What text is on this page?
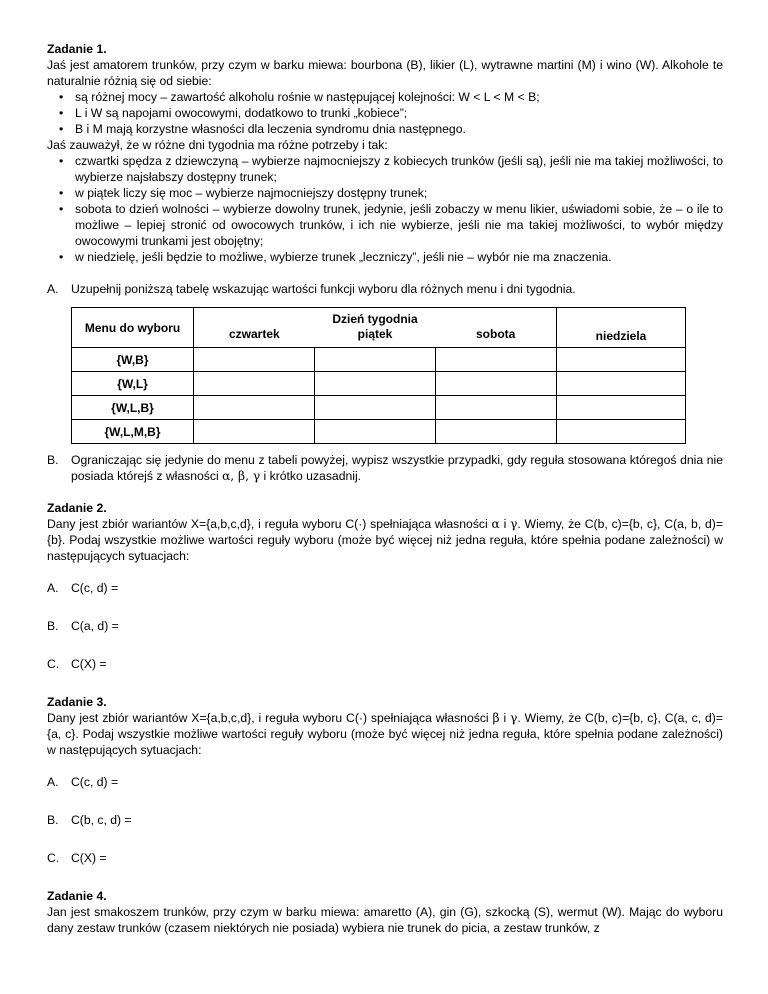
Zadanie 1.

Jaś jest amatorem trunków, przy czym w barku miewa: bourbona (B), likier (L), wytrawne martini (M) i wino (W). Alkohole te naturalnie różnią się od siebie:

• są różnej mocy – zawartość alkoholu rośnie w następującej kolejności: W < L < M < B;
• L i W są napojami owocowymi, dodatkowo to trunki „kobiece”;
• B i M mają korzystne własności dla leczenia syndromu dnia następnego.

Jaś zauważył, że w różne dni tygodnia ma różne potrzeby i tak:

• czwartki spędza z dziewczyną – wybierze najmocniejszy z kobiecych trunków (jeśli są), jeśli nie ma takiej możliwości, to wybierze najsłabszy dostępny trunek;
• w piątek liczy się moc – wybierze najmocniejszy dostępny trunek;
• sobota to dzień wolności – wybierze dowolny trunek, jedynie, jeśli zobaczy w menu likier, uświadomi sobie, że – o ile to możliwe – lepiej stronić od owocowych trunków, i ich nie wybierze, jeśli nie ma takiej możliwości, to wybór między owocowymi trunkami jest obojętny;
• w niedzielę, jeśli będzie to możliwe, wybierze trunek „leczniczy”, jeśli nie – wybór nie ma znaczenia.
A. Uzupełnij poniższą tabelę wskazując wartości funkcji wyboru dla różnych menu i dni tygodnia.
Menu do wyboru	Dzień tygodnia
czwartek piątek sobota			niedziela
{W,B}				
{W,L}				
{W,L,B}				
{W,L,M,B}				
B. Ograniczając się jedynie do menu z tabeli powyżej, wypisz wszystkie przypadki, gdy reguła stosowana któregoś dnia nie posiada którejś z własności α, β, γ i krótko uzasadnij.

Zadanie 2.

Dany jest zbiór wariantów X={a,b,c,d}, i reguła wyboru C(·) spełniająca własności α i γ. Wiemy, że C(b, c)={b, c}, C(a, b, d)={b}. Podaj wszystkie możliwe wartości reguły wyboru (może być więcej niż jedna reguła, które spełnia podane zależności) w następujących sytuacjach:

A. C(c, d) =
B. C(a, d) =
C. C(X) =

Zadanie 3.

Dany jest zbiór wariantów X={a,b,c,d}, i reguła wyboru C(·) spełniająca własności β i γ. Wiemy, że C(b, c)={b, c}, C(a, c, d)={a, c}. Podaj wszystkie możliwe wartości reguły wyboru (może być więcej niż jedna reguła, które spełnia podane zależności) w następujących sytuacjach:

A. C(c, d) =
B. C(b, c, d) =
C. C(X) =

Zadanie 4.

Jan jest smakoszem trunków, przy czym w barku miewa: amaretto (A), gin (G), szkocką (S), wermut (W). Mając do wyboru dany zestaw trunków (czasem niektórych nie posiada) wybiera nie trunek do picia, a zestaw trunków, z
